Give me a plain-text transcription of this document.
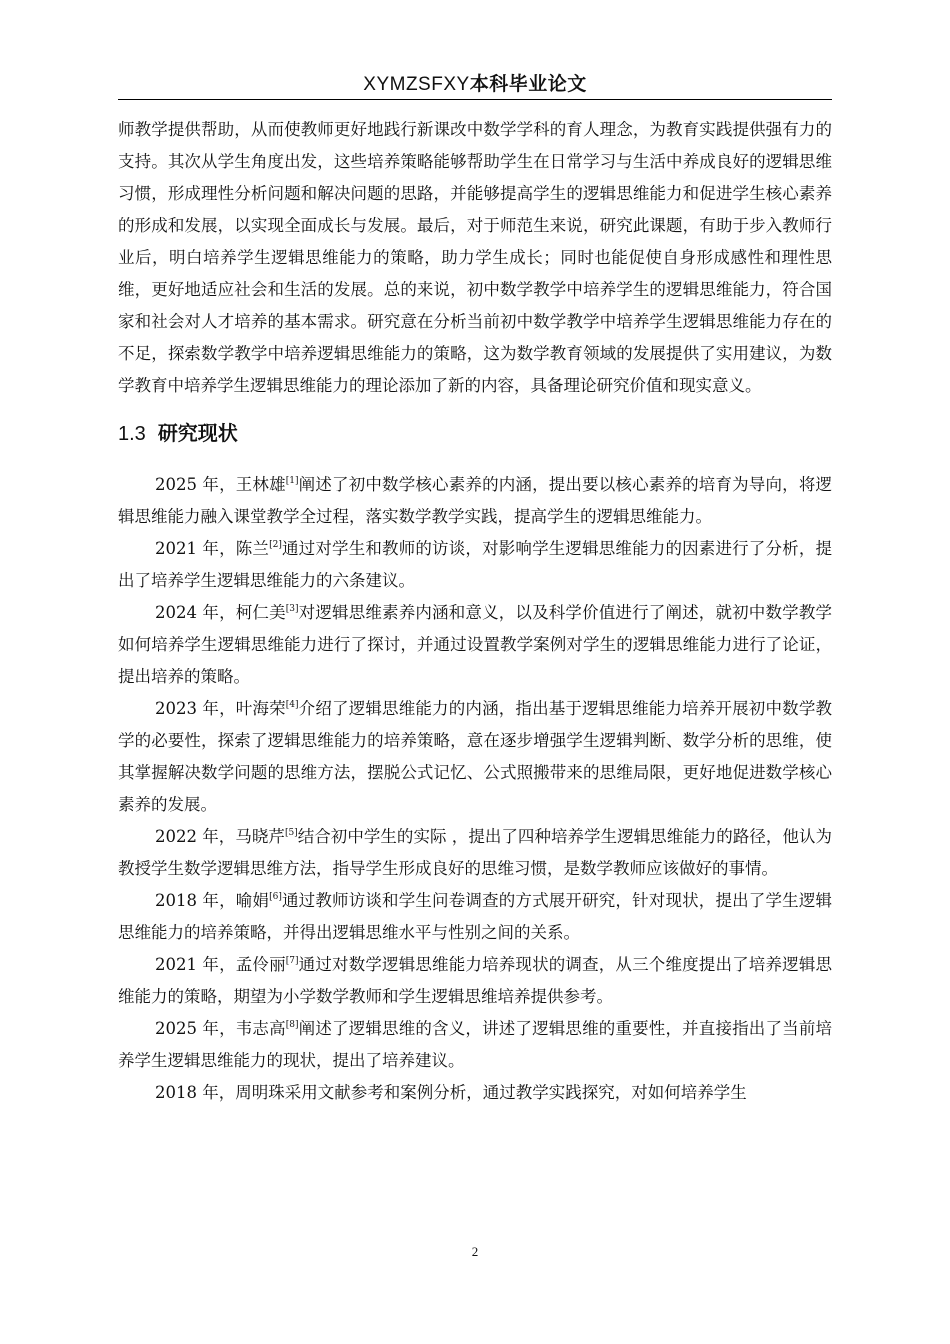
XYMZSFXY本科毕业论文

师教学提供帮助，从而使教师更好地践行新课改中数学学科的育人理念，为教育实践提供强有力的支持。其次从学生角度出发，这些培养策略能够帮助学生在日常学习与生活中养成良好的逻辑思维习惯，形成理性分析问题和解决问题的思路，并能够提高学生的逻辑思维能力和促进学生核心素养的形成和发展，以实现全面成长与发展。最后，对于师范生来说，研究此课题，有助于步入教师行业后，明白培养学生逻辑思维能力的策略，助力学生成长；同时也能促使自身形成感性和理性思维，更好地适应社会和生活的发展。总的来说，初中数学教学中培养学生的逻辑思维能力，符合国家和社会对人才培养的基本需求。研究意在分析当前初中数学教学中培养学生逻辑思维能力存在的不足，探索数学教学中培养逻辑思维能力的策略，这为数学教育领域的发展提供了实用建议，为数学教育中培养学生逻辑思维能力的理论添加了新的内容，具备理论研究价值和现实意义。

1.3 研究现状

2025 年，王林雄[1]阐述了初中数学核心素养的内涵，提出要以核心素养的培育为导向，将逻辑思维能力融入课堂教学全过程，落实数学教学实践，提高学生的逻辑思维能力。

2021 年，陈兰[2]通过对学生和教师的访谈，对影响学生逻辑思维能力的因素进行了分析，提出了培养学生逻辑思维能力的六条建议。

2024 年，柯仁美[3]对逻辑思维素养内涵和意义，以及科学价值进行了阐述，就初中数学教学如何培养学生逻辑思维能力进行了探讨，并通过设置教学案例对学生的逻辑思维能力进行了论证，提出培养的策略。

2023 年，叶海荣[4]介绍了逻辑思维能力的内涵，指出基于逻辑思维能力培养开展初中数学教学的必要性，探索了逻辑思维能力的培养策略，意在逐步增强学生逻辑判断、数学分析的思维，使其掌握解决数学问题的思维方法，摆脱公式记忆、公式照搬带来的思维局限，更好地促进数学核心素养的发展。

2022 年，马晓芹[5]结合初中学生的实际 ，提出了四种培养学生逻辑思维能力的路径，他认为教授学生数学逻辑思维方法，指导学生形成良好的思维习惯，是数学教师应该做好的事情。

2018 年，喻娟[6]通过教师访谈和学生问卷调查的方式展开研究，针对现状，提出了学生逻辑思维能力的培养策略，并得出逻辑思维水平与性别之间的关系。

2021 年，孟伶丽[7]通过对数学逻辑思维能力培养现状的调查，从三个维度提出了培养逻辑思维能力的策略，期望为小学数学教师和学生逻辑思维培养提供参考。

2025 年，韦志高[8]阐述了逻辑思维的含义，讲述了逻辑思维的重要性，并直接指出了当前培养学生逻辑思维能力的现状，提出了培养建议。

2018 年，周明珠采用文献参考和案例分析，通过教学实践探究，对如何培养学生

2
